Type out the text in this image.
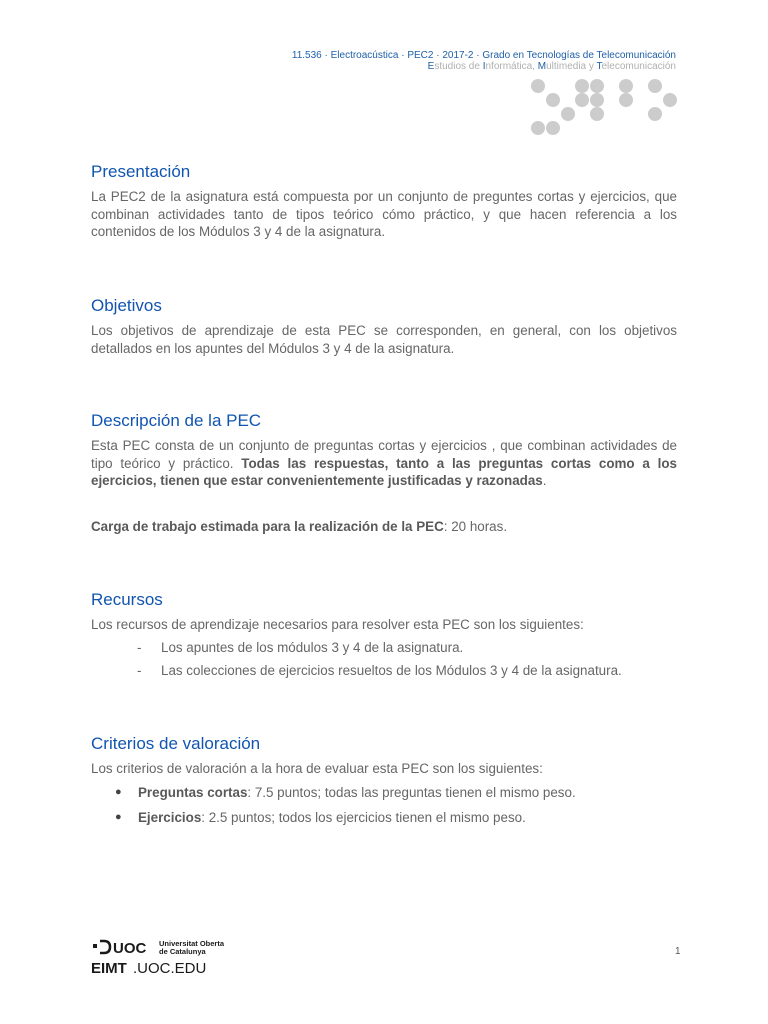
11.536 · Electroacústica · PEC2 · 2017-2 · Grado en Tecnologías de Telecomunicación
Estudios de Informática, Multimedia y Telecomunicación
Presentación

La PEC2 de la asignatura está compuesta por un conjunto de preguntes cortas y ejercicios, que combinan actividades tanto de tipos teórico cómo práctico, y que hacen referencia a los contenidos de los Módulos 3 y 4 de la asignatura.

Objetivos

Los objetivos de aprendizaje de esta PEC se corresponden, en general, con los objetivos detallados en los apuntes del Módulos 3 y 4 de la asignatura.

Descripción de la PEC

Esta PEC consta de un conjunto de preguntas cortas y ejercicios , que combinan actividades de tipo teórico y práctico. Todas las respuestas, tanto a las preguntas cortas como a los ejercicios, tienen que estar convenientemente justificadas y razonadas.

Carga de trabajo estimada para la realización de la PEC: 20 horas.

Recursos

Los recursos de aprendizaje necesarios para resolver esta PEC son los siguientes:

- Los apuntes de los módulos 3 y 4 de la asignatura.
- Las colecciones de ejercicios resueltos de los Módulos 3 y 4 de la asignatura.
Criterios de valoración

Los criterios de valoración a la hora de evaluar esta PEC son los siguientes:

● Preguntas cortas: 7.5 puntos; todas las preguntas tienen el mismo peso.
● Ejercicios: 2.5 puntos; todos los ejercicios tienen el mismo peso.
UOC Universitat Oberta
de Catalunya
EIMT .UOC.EDU
1
